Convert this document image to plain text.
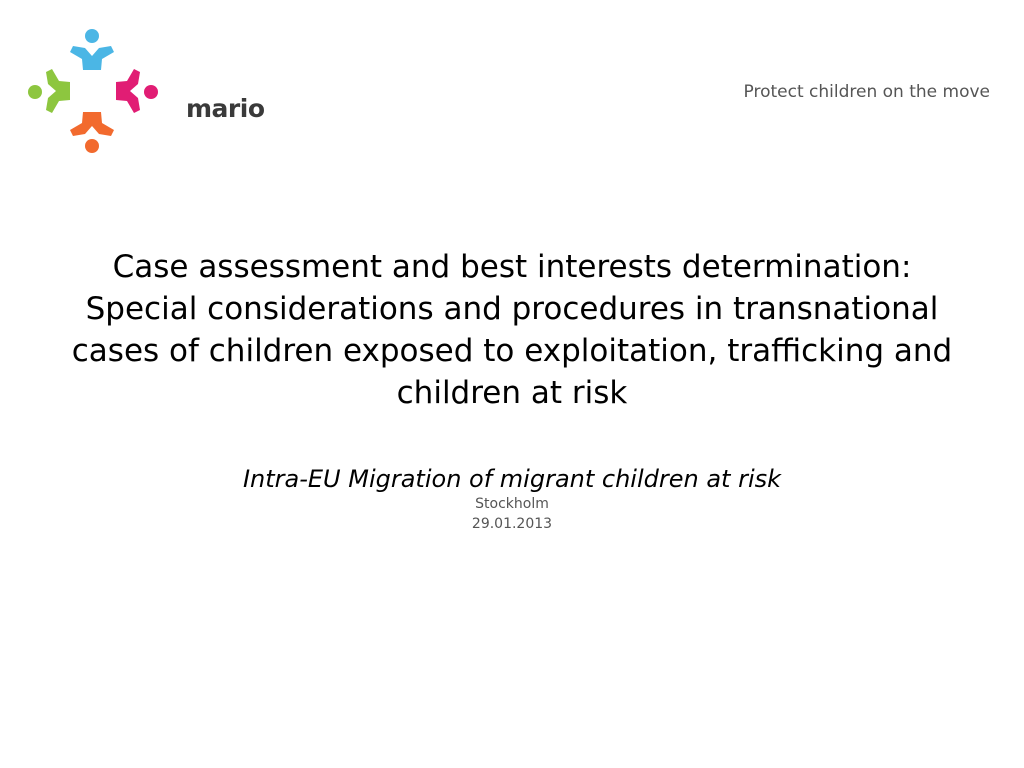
mario
Protect children on the move
Case assessment and best interests determination: Special considerations and procedures in transnational cases of children exposed to exploitation, trafficking and children at risk

Intra-EU Migration of migrant children at risk

Stockholm

29.01.2013
